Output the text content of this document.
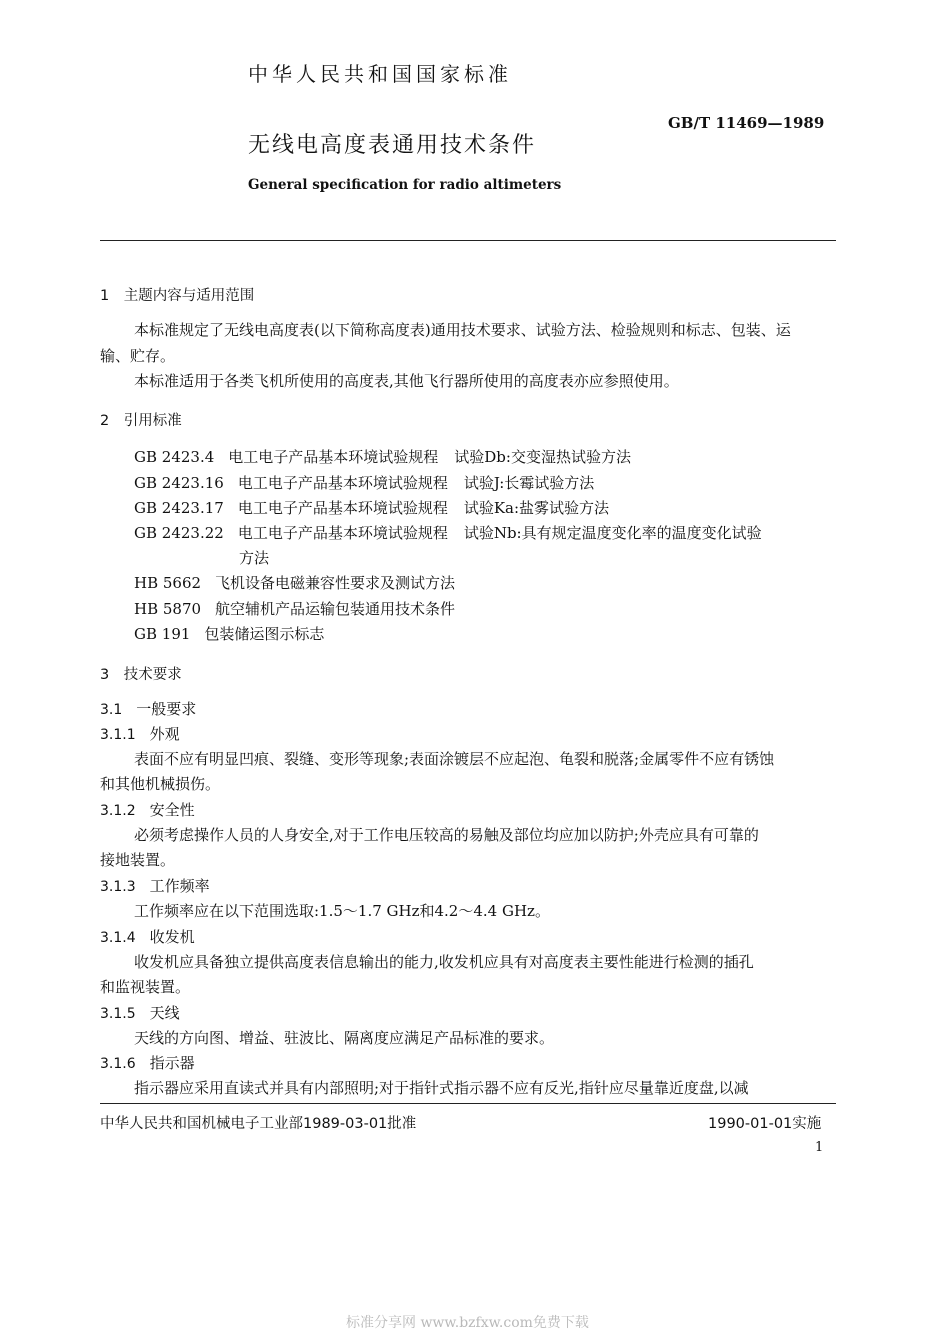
中华人民共和国国家标准
GB/T 11469—1989
无线电高度表通用技术条件
General specification for radio altimeters
1　主题内容与适用范围
本标准规定了无线电高度表(以下简称高度表)通用技术要求、试验方法、检验规则和标志、包装、运
输、贮存。
本标准适用于各类飞机所使用的高度表,其他飞行器所使用的高度表亦应参照使用。
2　引用标准
GB 2423.4 电工电子产品基本环境试验规程 试验Db:交变湿热试验方法
GB 2423.16 电工电子产品基本环境试验规程 试验J:长霉试验方法
GB 2423.17 电工电子产品基本环境试验规程 试验Ka:盐雾试验方法
GB 2423.22 电工电子产品基本环境试验规程 试验Nb:具有规定温度变化率的温度变化试验
方法
HB 5662 飞机设备电磁兼容性要求及测试方法
HB 5870 航空辅机产品运输包装通用技术条件
GB 191 包装储运图示标志
3　技术要求
3.1 一般要求
3.1.1 外观
表面不应有明显凹痕、裂缝、变形等现象;表面涂镀层不应起泡、龟裂和脱落;金属零件不应有锈蚀
和其他机械损伤。
3.1.2 安全性
必须考虑操作人员的人身安全,对于工作电压较高的易触及部位均应加以防护;外壳应具有可靠的
接地装置。
3.1.3 工作频率
工作频率应在以下范围选取:1.5～1.7 GHz和4.2～4.4 GHz。
3.1.4 收发机
收发机应具备独立提供高度表信息输出的能力,收发机应具有对高度表主要性能进行检测的插孔
和监视装置。
3.1.5 天线
天线的方向图、增益、驻波比、隔离度应满足产品标准的要求。
3.1.6 指示器
指示器应采用直读式并具有内部照明;对于指针式指示器不应有反光,指针应尽量靠近度盘,以减
中华人民共和国机械电子工业部1989-03-01批准	1990-01-01实施
1
标准分享网 www.bzfxw.com免费下载
